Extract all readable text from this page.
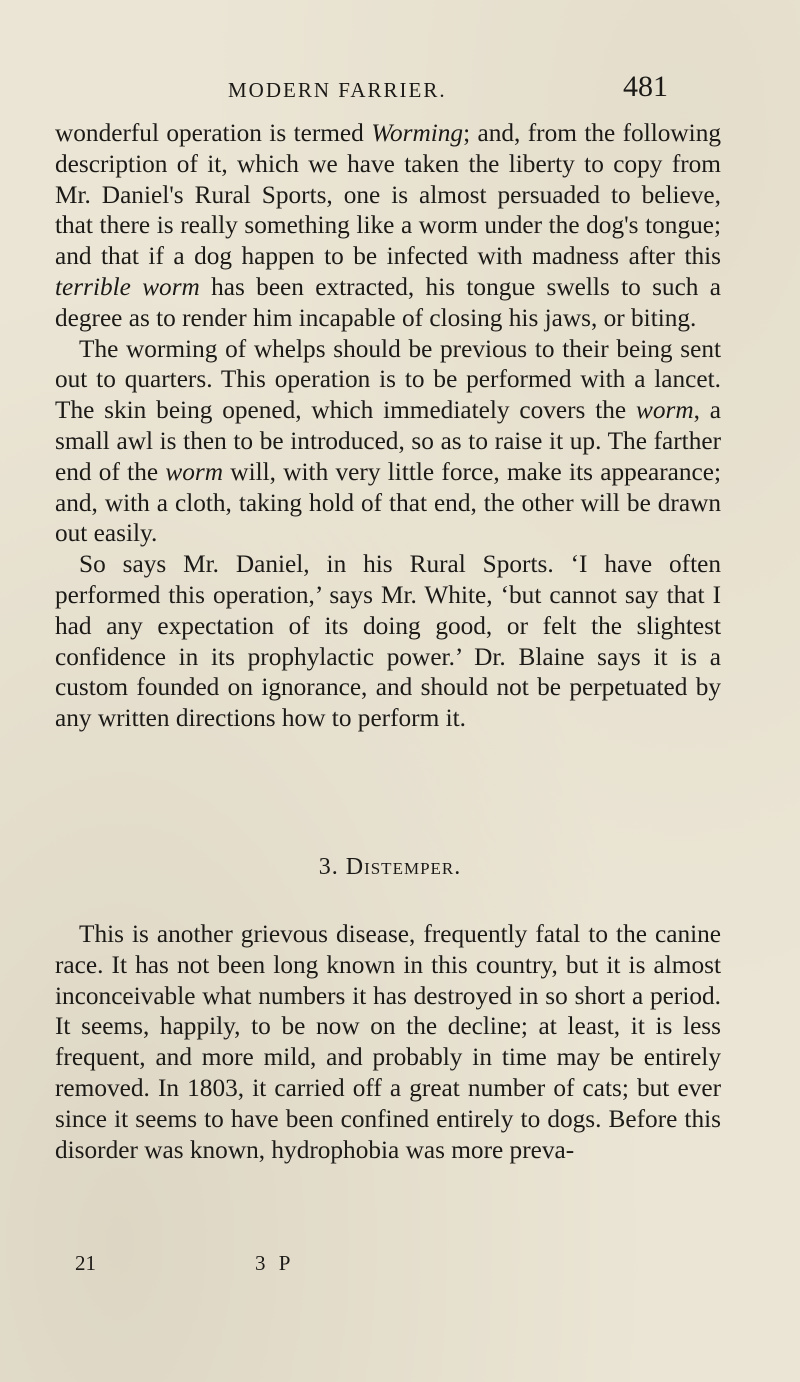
MODERN FARRIER.	481

wonderful operation is termed Worming; and, from the following description of it, which we have taken the liberty to copy from Mr. Daniel's Rural Sports, one is almost persuaded to believe, that there is really something like a worm under the dog's tongue; and that if a dog happen to be infected with madness after this terrible worm has been extracted, his tongue swells to such a degree as to render him incapable of closing his jaws, or biting.

The worming of whelps should be previous to their being sent out to quarters. This operation is to be performed with a lancet. The skin being opened, which immediately covers the worm, a small awl is then to be introduced, so as to raise it up. The farther end of the worm will, with very little force, make its appearance; and, with a cloth, taking hold of that end, the other will be drawn out easily.

So says Mr. Daniel, in his Rural Sports. ‘I have often performed this operation,’ says Mr. White, ‘but cannot say that I had any expectation of its doing good, or felt the slightest confidence in its prophylactic power.’ Dr. Blaine says it is a custom founded on ignorance, and should not be perpetuated by any written directions how to perform it.

3. Distemper.

This is another grievous disease, frequently fatal to the canine race. It has not been long known in this country, but it is almost inconceivable what numbers it has destroyed in so short a period. It seems, happily, to be now on the decline; at least, it is less frequent, and more mild, and probably in time may be entirely removed. In 1803, it carried off a great number of cats; but ever since it seems to have been confined entirely to dogs. Before this disorder was known, hydrophobia was more preva-

21	3 P
